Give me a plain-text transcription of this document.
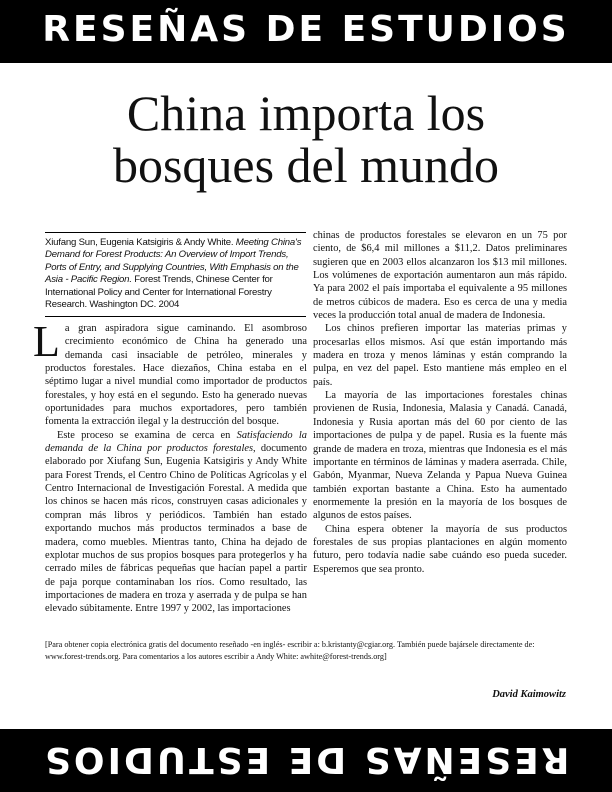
RESEÑAS DE ESTUDIOS
China importa los
bosques del mundo

Xiufang Sun, Eugenia Katsigiris & Andy White. Meeting China's Demand for Forest Products: An Overview of Import Trends, Ports of Entry, and Supplying Countries, With Emphasis on the Asia - Pacific Region. Forest Trends, Chinese Center for International Policy and Center for International Forestry Research. Washington DC. 2004

La gran aspiradora sigue caminando. El asombroso crecimiento económico de China ha generado una demanda casi insaciable de petróleo, minerales y productos forestales. Hace diezaños, China estaba en el séptimo lugar a nivel mundial como importador de productos forestales, y hoy está en el segundo. Esto ha generado nuevas oportunidades para muchos exportadores, pero también fomenta la extracción ilegal y la destrucción del bosque.

Este proceso se examina de cerca en Satisfaciendo la demanda de la China por productos forestales, documento elaborado por Xiufang Sun, Eugenia Katsigiris y Andy White para Forest Trends, el Centro Chino de Políticas Agrícolas y el Centro Internacional de Investigación Forestal. A medida que los chinos se hacen más ricos, construyen casas adicionales y compran más libros y periódicos. También han estado exportando muchos más productos terminados a base de madera, como muebles. Mientras tanto, China ha dejado de explotar muchos de sus propios bosques para protegerlos y ha cerrado miles de fábricas pequeñas que hacían papel a partir de paja porque contaminaban los ríos. Como resultado, las importaciones de madera en troza y aserrada y de pulpa se han elevado súbitamente. Entre 1997 y 2002, las importaciones

chinas de productos forestales se elevaron en un 75 por ciento, de $6,4 mil millones a $11,2. Datos preliminares sugieren que en 2003 ellos alcanzaron los $13 mil millones. Los volúmenes de exportación aumentaron aun más rápido. Ya para 2002 el país importaba el equivalente a 95 millones de metros cúbicos de madera. Eso es cerca de una y media veces la producción total anual de madera de Indonesia.

Los chinos prefieren importar las materias primas y procesarlas ellos mismos. Así que están importando más madera en troza y menos láminas y están comprando la pulpa, en vez del papel. Esto mantiene más empleo en el país.

La mayoría de las importaciones forestales chinas provienen de Rusia, Indonesia, Malasia y Canadá. Canadá, Indonesia y Rusia aportan más del 60 por ciento de las importaciones de pulpa y de papel. Rusia es la fuente más grande de madera en troza, mientras que Indonesia es el más importante en términos de láminas y madera aserrada. Chile, Gabón, Myanmar, Nueva Zelanda y Papua Nueva Guinea también exportan bastante a China. Esto ha aumentado enormemente la presión en la mayoría de los bosques de algunos de estos países.

China espera obtener la mayoría de sus productos forestales de sus propias plantaciones en algún momento futuro, pero todavía nadie sabe cuándo eso pueda suceder. Esperemos que sea pronto.

[Para obtener copia electrónica gratis del documento reseñado -en inglés- escribir a: b.kristanty@cgiar.org. También puede bajársele directamente de: www.forest-trends.org. Para comentarios a los autores escribir a Andy White: awhite@forest-trends.org]

David Kaimowitz

RESEÑAS DE ESTUDIOS
